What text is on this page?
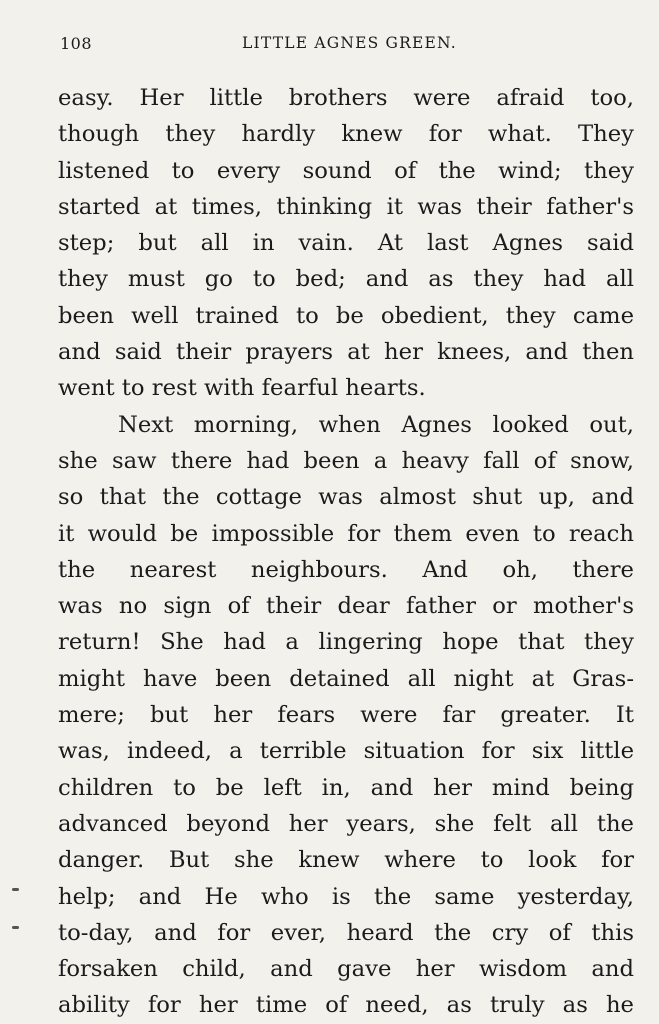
108	LITTLE AGNES GREEN.
easy. Her little brothers were afraid too,
though they hardly knew for what. They
listened to every sound of the wind; they
started at times, thinking it was their father's
step; but all in vain. At last Agnes said
they must go to bed; and as they had all
been well trained to be obedient, they came
and said their prayers at her knees, and then
went to rest with fearful hearts.
Next morning, when Agnes looked out,
she saw there had been a heavy fall of snow,
so that the cottage was almost shut up, and
it would be impossible for them even to reach
the nearest neighbours. And oh, there
was no sign of their dear father or mother's
return! She had a lingering hope that they
might have been detained all night at Gras-
mere; but her fears were far greater. It
was, indeed, a terrible situation for six little
children to be left in, and her mind being
advanced beyond her years, she felt all the
danger. But she knew where to look for
help; and He who is the same yesterday,
to-day, and for ever, heard the cry of this
forsaken child, and gave her wisdom and
ability for her time of need, as truly as he
